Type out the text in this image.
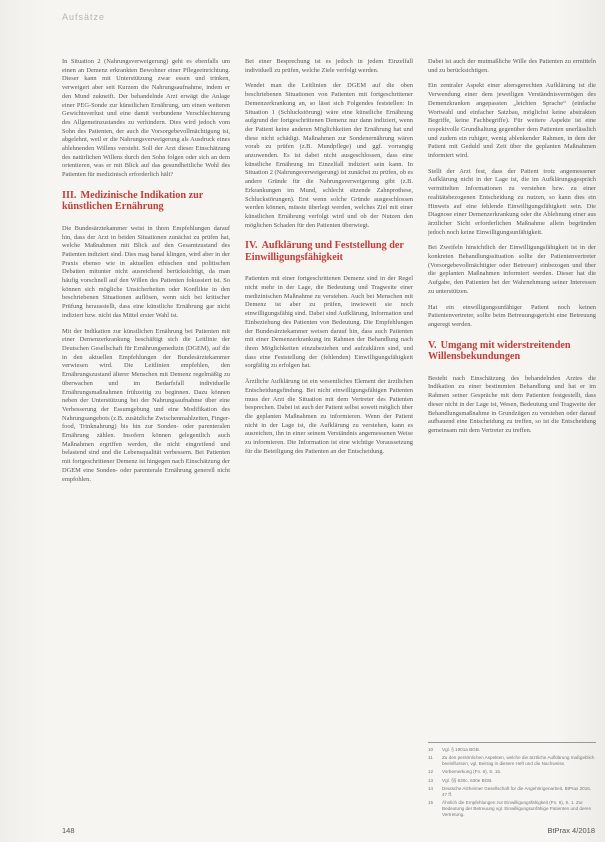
Aufsätze

In Situation 2 (Nahrungsverweigerung) geht es ebenfalls um einen an Demenz erkrankten Bewohner einer Pflegeeinrichtung. Dieser kann mit Unterstützung zwar essen und trinken, verweigert aber seit Kurzem die Nahrungsaufnahme, indem er den Mund zukneift. Der behandelnde Arzt erwägt die Anlage einer PEG-Sonde zur künstlichen Ernährung, um einen weiteren Gewichtsverlust und eine damit verbundene Verschlechterung des Allgemeinzustandes zu verhindern. Dies wird jedoch vom Sohn des Patienten, der auch die Vorsorgebevollmächtigung ist, abgelehnt, weil er die Nahrungsverweigerung als Ausdruck eines ablehnenden Willens versteht. Soll der Arzt dieser Einschätzung des natürlichen Willens durch den Sohn folgen oder sich an dem orientieren, was er mit Blick auf das gesundheitliche Wohl des Patienten für medizinisch erforderlich hält?

III. Medizinische Indikation zur künstlichen Ernährung

Die Bundesärztekammer weist in ihren Empfehlungen darauf hin, dass der Arzt in beiden Situationen zunächst zu prüfen hat, welche Maßnahmen mit Blick auf den Gesamtzustand des Patienten indiziert sind. Dies mag banal klingen, wird aber in der Praxis ebenso wie in aktuellen ethischen und politischen Debatten mitunter nicht ausreichend berücksichtigt, da man häufig vorschnell auf den Willen des Patienten fokussiert ist. So können sich mögliche Unsicherheiten oder Konflikte in den beschriebenen Situationen auflösen, wenn sich bei kritischer Prüfung herausstellt, dass eine künstliche Ernährung gar nicht indiziert bzw. nicht das Mittel erster Wahl ist.

Mit der Indikation zur künstlichen Ernährung bei Patienten mit einer Demenzerkrankung beschäftigt sich die Leitlinie der Deutschen Gesellschaft für Ernährungsmedizin (DGEM), auf die in den aktuellen Empfehlungen der Bundesärztekammer verwiesen wird. Die Leitlinien empfehlen, den Ernährungszustand älterer Menschen mit Demenz regelmäßig zu überwachen und im Bedarfsfall individuelle Ernährungsmaßnahmen frühzeitig zu beginnen. Dazu können neben der Unterstützung bei der Nahrungsaufnahme über eine Verbesserung der Essumgebung und eine Modifikation des Nahrungsangebots (z.B. zusätzliche Zwischenmahlzeiten, Finger-food, Trinknahrung) bis hin zur Sonden- oder parenteralen Ernährung zählen. Insofern können gelegentlich auch Maßnahmen ergriffen werden, die nicht eingreifend und belastend sind und die Lebensqualität verbessern. Bei Patienten mit fortgeschrittener Demenz ist hingegen nach Einschätzung der DGEM eine Sonden- oder parenterale Ernährung generell nicht empfohlen.

Bei einer Besprechung ist es jedoch in jedem Einzelfall individuell zu prüfen, welche Ziele verfolgt werden.

Wendet man die Leitlinien der DGEM auf die oben beschriebenen Situationen von Patienten mit fortgeschrittener Demenzerkrankung an, so lässt sich Folgendes feststellen: In Situation 1 (Schluckstörung) wäre eine künstliche Ernährung aufgrund der fortgeschrittenen Demenz nur dann indiziert, wenn der Patient keine anderen Möglichkeiten der Ernährung hat und diese nicht schädigt. Maßnahmen zur Sondenernährung wären vorab zu prüfen (z.B. Mundpflege) und ggf. vorrangig anzuwenden. Es ist dabei nicht ausgeschlossen, dass eine künstliche Ernährung im Einzelfall indiziert sein kann. In Situation 2 (Nahrungsverweigerung) ist zunächst zu prüfen, ob es andere Gründe für die Nahrungsverweigerung gibt (z.B. Erkrankungen im Mund, schlecht sitzende Zahnprothese, Schluckstörungen). Erst wenn solche Gründe ausgeschlossen werden können, müsste überlegt werden, welches Ziel mit einer künstlichen Ernährung verfolgt wird und ob der Nutzen den möglichen Schaden für den Patienten überwiegt.

IV. Aufklärung und Feststellung der Einwilligungsfähigkeit

Patienten mit einer fortgeschrittenen Demenz sind in der Regel nicht mehr in der Lage, die Bedeutung und Tragweite einer medizinischen Maßnahme zu verstehen. Auch bei Menschen mit Demenz ist aber zu prüfen, inwieweit sie noch einwilligungsfähig sind. Dabei sind Aufklärung, Information und Einbeziehung des Patienten von Bedeutung. Die Empfehlungen der Bundesärztekammer weisen darauf hin, dass auch Patienten mit einer Demenzerkrankung im Rahmen der Behandlung nach ihren Möglichkeiten einzubeziehen und aufzuklären sind, und dass eine Feststellung der (fehlenden) Einwilligungsfähigkeit sorgfältig zu erfolgen hat.

Ärztliche Aufklärung ist ein wesentliches Element der ärztlichen Entscheidungsfindung. Bei nicht einwilligungsfähigen Patienten muss der Arzt die Situation mit dem Vertreter des Patienten besprechen. Dabei ist auch der Patient selbst soweit möglich über die geplanten Maßnahmen zu informieren. Wenn der Patient nicht in der Lage ist, die Aufklärung zu verstehen, kann es ausreichen, ihn in einer seinem Verständnis angemessenen Weise zu informieren. Die Information ist eine wichtige Voraussetzung für die Beteiligung des Patienten an der Entscheidung.

Dabei ist auch der mutmaßliche Wille des Patienten zu ermitteln und zu berücksichtigen.

Ein zentraler Aspekt einer altersgerechten Aufklärung ist die Verwendung einer dem jeweiligen Verständnisvermögen des Demenzkranken angepassten „leichten Sprache“ (einfache Wortwahl und einfacher Satzbau, möglichst keine abstrakten Begriffe, keine Fachbegriffe). Für weitere Aspekte ist eine respektvolle Grundhaltung gegenüber dem Patienten unerlässlich und zudem ein ruhiger, wenig ablenkender Rahmen, in dem der Patient mit Geduld und Zeit über die geplanten Maßnahmen informiert wird.

Stellt der Arzt fest, dass der Patient trotz angemessener Aufklärung nicht in der Lage ist, die im Aufklärungsgespräch vermittelten Informationen zu verstehen bzw. zu einer realitätsbezogenen Entscheidung zu nutzen, so kann dies ein Hinweis auf eine fehlende Einwilligungsfähigkeit sein. Die Diagnose einer Demenzerkrankung oder die Ablehnung einer aus ärztlicher Sicht erforderlichen Maßnahme allein begründen jedoch noch keine Einwilligungsunfähigkeit.

Bei Zweifeln hinsichtlich der Einwilligungsfähigkeit ist in der konkreten Behandlungssituation sollte der Patientenvertreter (Vorsorgebevollmächtigter oder Betreuer) einbezogen und über die geplanten Maßnahmen informiert werden. Dieser hat die Aufgabe, den Patienten bei der Wahrnehmung seiner Interessen zu unterstützen.

Hat ein einwilligungsunfähiger Patient noch keinen Patientenvertreter, sollte beim Betreuungsgericht eine Betreuung angeregt werden.

V. Umgang mit widerstreitenden Willensbekundungen

Besteht nach Einschätzung des behandelnden Arztes die Indikation zu einer bestimmten Behandlung und hat er im Rahmen seiner Gespräche mit dem Patienten festgestellt, dass dieser nicht in der Lage ist, Wesen, Bedeutung und Tragweite der Behandlungsmaßnahme in Grundzügen zu verstehen oder darauf aufbauend eine Entscheidung zu treffen, so ist die Entscheidung gemeinsam mit dem Vertreter zu treffen.

10	Vgl. § 1901a BGB.
11	Zu den persönlichen Aspekten, welche die ärztliche Aufklärung maßgeblich beeinflussen, vgl. Beitrag in diesem Heft und die Nachweise.
12	Vorbemerkung (Fn. 6), S. 15.
13	Vgl. §§ 630c, 630e BGB.
14	Deutsche Alzheimer Gesellschaft für die Angehörigenarbeit, BtPrax 2016, 47 ff.
15	Ähnlich die Empfehlungen zur Einwilligungsfähigkeit (Fn. 6), S. 1. Zur Bedeutung der Betreuung vgl. Einwilligungsunfähige Patienten und deren Vertretung.
148	BtPrax 4/2018
